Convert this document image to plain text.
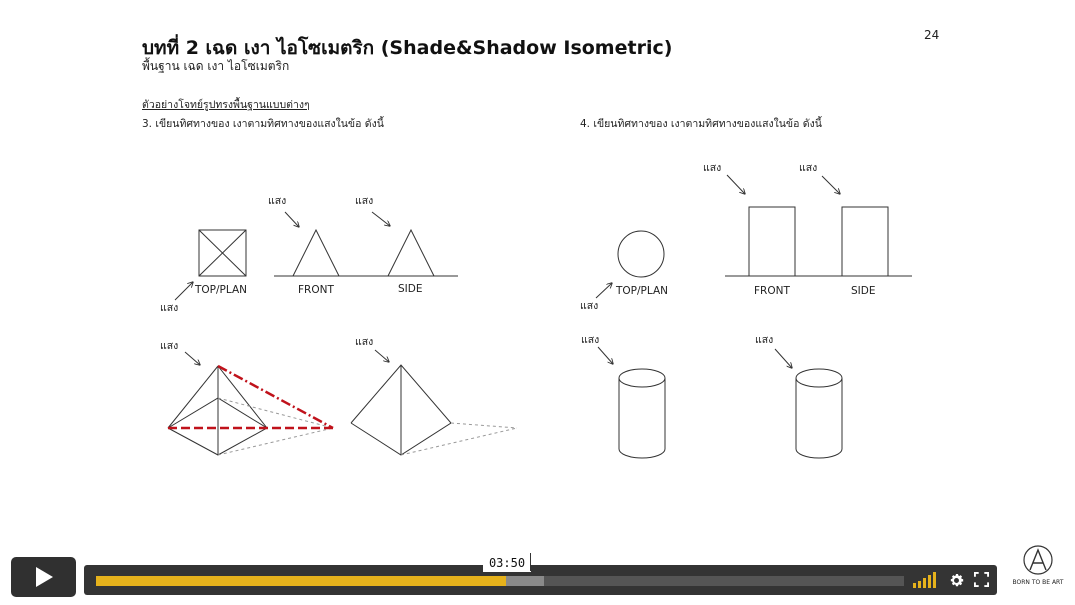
24
บทที่ 2 เฉด เงา ไอโซเมตริก (Shade&Shadow Isometric)
พื้นฐาน เฉด เงา ไอโซเมตริก
ตัวอย่างโจทย์รูปทรงพื้นฐานแบบต่างๆ
3. เขียนทิศทางของ เงาตามทิศทางของแสงในข้อ ดังนี้	4. เขียนทิศทางของ เงาตามทิศทางของแสงในข้อ ดังนี้
แสง	แสง
แสง
TOP/PLAN	FRONT	SIDE
แสง	แสง
แสง	แสง
แสง
TOP/PLAN	FRONT	SIDE
แสง	แสง
03:50
BORN TO BE ART
